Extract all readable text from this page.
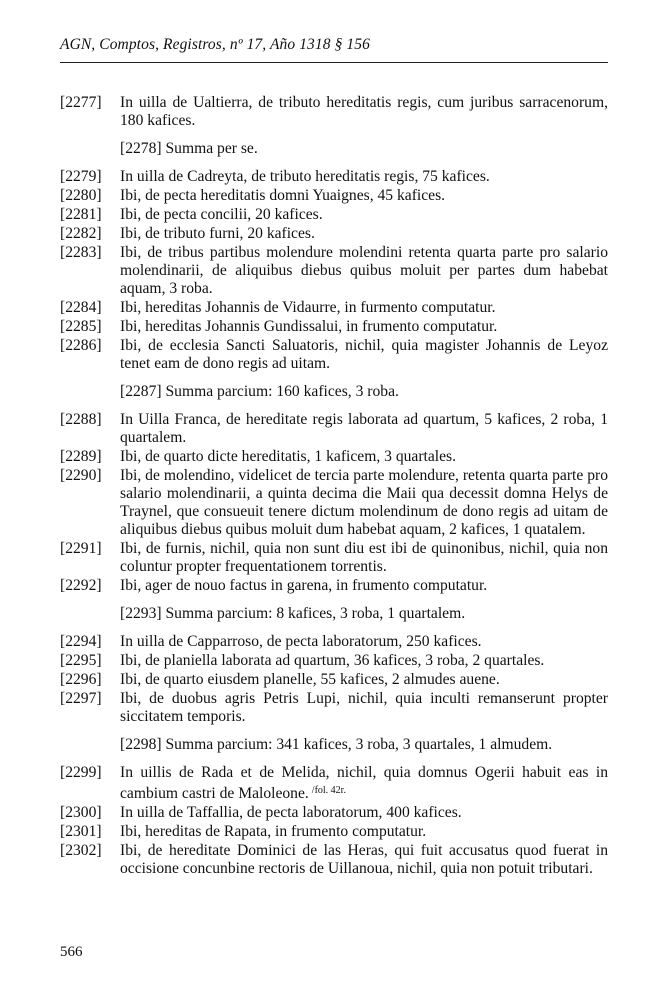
AGN, Comptos, Registros, nº 17, Año 1318 § 156
[2277] In uilla de Ualtierra, de tributo hereditatis regis, cum juribus sarracenorum, 180 kafices.
[2278] Summa per se.
[2279] In uilla de Cadreyta, de tributo hereditatis regis, 75 kafices.
[2280] Ibi, de pecta hereditatis domni Yuaignes, 45 kafices.
[2281] Ibi, de pecta concilii, 20 kafices.
[2282] Ibi, de tributo furni, 20 kafices.
[2283] Ibi, de tribus partibus molendure molendini retenta quarta parte pro salario molendinarii, de aliquibus diebus quibus moluit per partes dum habebat aquam, 3 roba.
[2284] Ibi, hereditas Johannis de Vidaurre, in furmento computatur.
[2285] Ibi, hereditas Johannis Gundissalui, in frumento computatur.
[2286] Ibi, de ecclesia Sancti Saluatoris, nichil, quia magister Johannis de Leyoz tenet eam de dono regis ad uitam.
[2287] Summa parcium: 160 kafices, 3 roba.
[2288] In Uilla Franca, de hereditate regis laborata ad quartum, 5 kafices, 2 roba, 1 quartalem.
[2289] Ibi, de quarto dicte hereditatis, 1 kaficem, 3 quartales.
[2290] Ibi, de molendino, videlicet de tercia parte molendure, retenta quarta parte pro salario molendinarii, a quinta decima die Maii qua decessit domna Helys de Traynel, que consueuit tenere dictum molendinum de dono regis ad uitam de aliquibus diebus quibus moluit dum habebat aquam, 2 kafices, 1 quatalem.
[2291] Ibi, de furnis, nichil, quia non sunt diu est ibi de quinonibus, nichil, quia non coluntur propter frequentationem torrentis.
[2292] Ibi, ager de nouo factus in garena, in frumento computatur.
[2293] Summa parcium: 8 kafices, 3 roba, 1 quartalem.
[2294] In uilla de Capparroso, de pecta laboratorum, 250 kafices.
[2295] Ibi, de planiella laborata ad quartum, 36 kafices, 3 roba, 2 quartales.
[2296] Ibi, de quarto eiusdem planelle, 55 kafices, 2 almudes auene.
[2297] Ibi, de duobus agris Petris Lupi, nichil, quia inculti remanserunt propter siccitatem temporis.
[2298] Summa parcium: 341 kafices, 3 roba, 3 quartales, 1 almudem.
[2299] In uillis de Rada et de Melida, nichil, quia domnus Ogerii habuit eas in cambium castri de Maloleone. $^{/fol. 42r.}$
[2300] In uilla de Taffallia, de pecta laboratorum, 400 kafices.
[2301] Ibi, hereditas de Rapata, in frumento computatur.
[2302] Ibi, de hereditate Dominici de las Heras, qui fuit accusatus quod fuerat in occisione concunbine rectoris de Uillanoua, nichil, quia non potuit tributari.
566
